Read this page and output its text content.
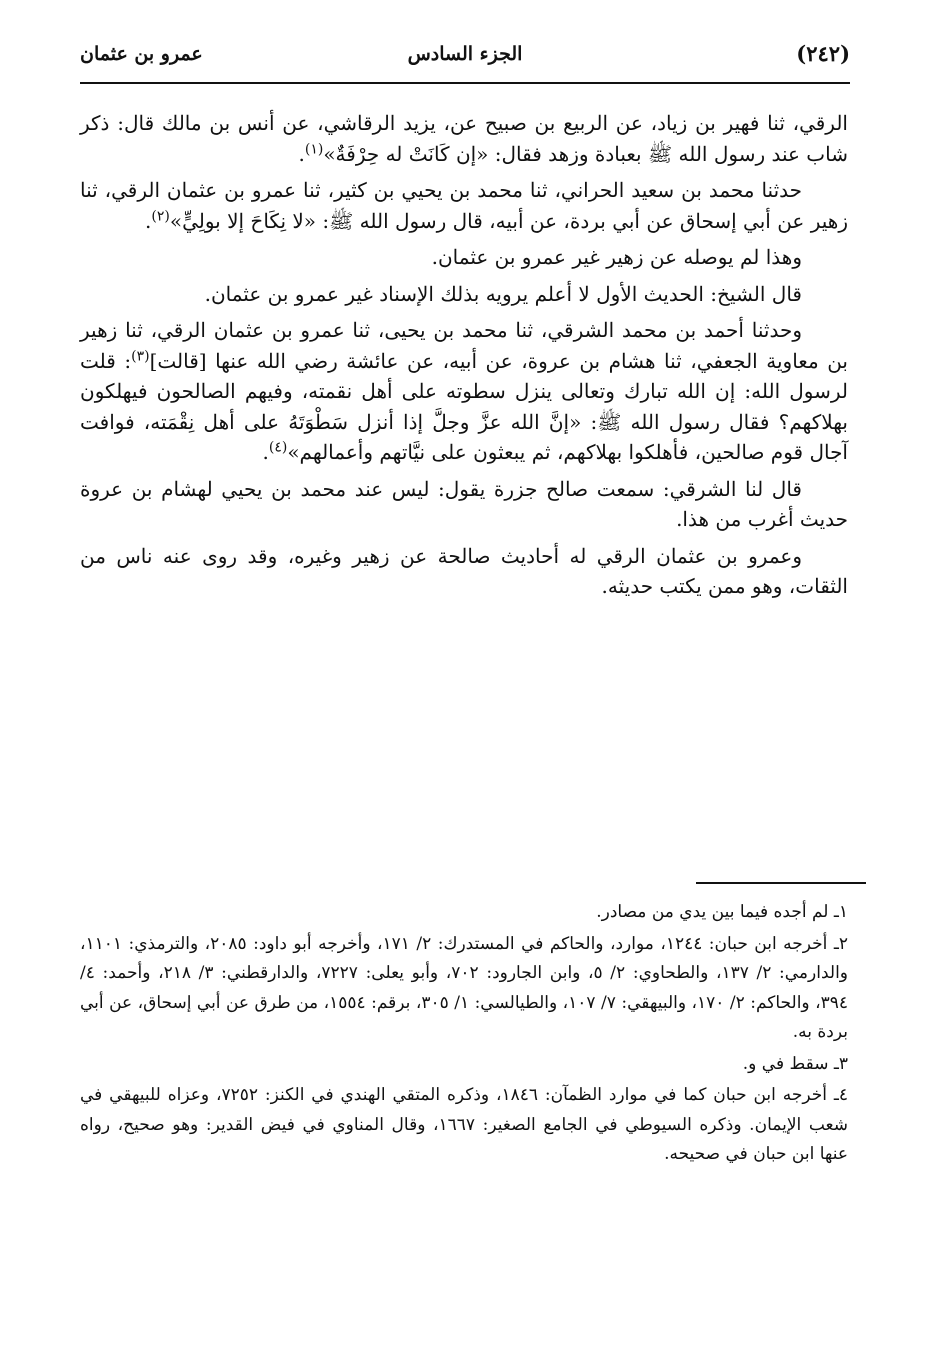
(٢٤٢)
الجزء السادس
عمرو بن عثمان

الرقي، ثنا فهير بن زياد، عن الربيع بن صبيح عن، يزيد الرقاشي، عن أنس بن مالك قال: ذكر شاب عند رسول الله ﷺ بعبادة وزهد فقال: «إن كَانَتْ له حِرْفَةٌ»$^{(١)}$.

حدثنا محمد بن سعيد الحراني، ثنا محمد بن يحيي بن كثير، ثنا عمرو بن عثمان الرقي، ثنا زهير عن أبي إسحاق عن أبي بردة، عن أبيه، قال رسول الله ﷺ: «لا نِكَاحَ إلا بولِيٍّ»$^{(٢)}$.

وهذا لم يوصله عن زهير غير عمرو بن عثمان.

قال الشيخ: الحديث الأول لا أعلم يرويه بذلك الإسناد غير عمرو بن عثمان.

وحدثنا أحمد بن محمد الشرقي، ثنا محمد بن يحيى، ثنا عمرو بن عثمان الرقي، ثنا زهير بن معاوية الجعفي، ثنا هشام بن عروة، عن أبيه، عن عائشة رضي الله عنها [قالت]$^{(٣)}$: قلت لرسول الله: إن الله تبارك وتعالى ينزل سطوته على أهل نقمته، وفيهم الصالحون فيهلكون بهلاكهم؟ فقال رسول الله ﷺ: «إنَّ الله عزَّ وجلَّ إذا أنزل سَطْوَتَهُ على أهل نِقْمَته، فوافت آجال قوم صالحين، فأهلكوا بهلاكهم، ثم يبعثون على نيَّاتهم وأعمالهم»$^{(٤)}$.

قال لنا الشرقي: سمعت صالح جزرة يقول: ليس عند محمد بن يحيي لهشام بن عروة حديث أغرب من هذا.

وعمرو بن عثمان الرقي له أحاديث صالحة عن زهير وغيره، وقد روى عنه ناس من الثقات، وهو ممن يكتب حديثه.

١ـ لم أجده فيما بين يدي من مصادر.

٢ـ أخرجه ابن حبان: ١٢٤٤، موارد، والحاكم في المستدرك: ٢/ ١٧١، وأخرجه أبو داود: ٢٠٨٥، والترمذي: ١١٠١، والدارمي: ٢/ ١٣٧، والطحاوي: ٢/ ٥، وابن الجارود: ٧٠٢، وأبو يعلى: ٧٢٢٧، والدارقطني: ٣/ ٢١٨، وأحمد: ٤/ ٣٩٤، والحاكم: ٢/ ١٧٠، والبيهقي: ٧/ ١٠٧، والطيالسي: ١/ ٣٠٥، برقم: ١٥٥٤، من طرق عن أبي إسحاق، عن أبي بردة به.

٣ـ سقط في و.

٤ـ أخرجه ابن حبان كما في موارد الظمآن: ١٨٤٦، وذكره المتقي الهندي في الكنز: ٧٢٥٢، وعزاه للبيهقي في شعب الإيمان. وذكره السيوطي في الجامع الصغير: ١٦٦٧، وقال المناوي في فيض القدير: وهو صحيح، رواه عنها ابن حبان في صحيحه.
